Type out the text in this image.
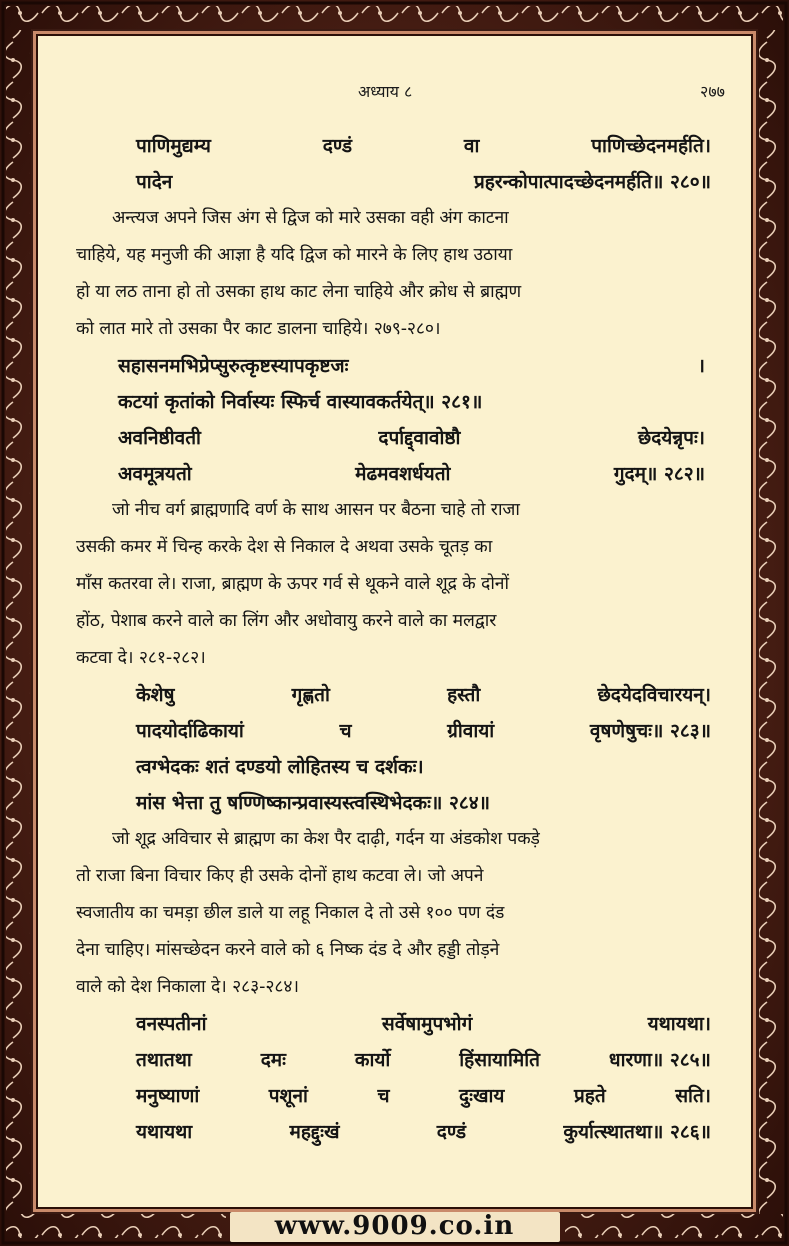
अध्याय ८	२७७
पाणिमुद्यम्य	दण्डं	वा	पाणिच्छेदनमर्हति।
पादेन	प्रहरन्कोपात्पादच्छेदनमर्हति॥ २८०॥
अन्त्यज अपने जिस अंग से द्विज को मारे उसका वही अंग काटना
चाहिये, यह मनुजी की आज्ञा है यदि द्विज को मारने के लिए हाथ उठाया
हो या लठ ताना हो तो उसका हाथ काट लेना चाहिये और क्रोध से ब्राह्मण
को लात मारे तो उसका पैर काट डालना चाहिये। २७९-२८०।
सहासनमभिप्रेप्सुरुत्कृष्टस्यापकृष्टजः	।
कटयां कृतांको निर्वास्यः स्फिर्च वास्यावकर्तयेत्॥ २८१॥
अवनिष्ठीवती	दर्पाद्द्वावोष्ठौ	छेदयेन्नृपः।
अवमूत्रयतो	मेढमवशर्धयतो	गुदम्॥ २८२॥
जो नीच वर्ग ब्राह्मणादि वर्ण के साथ आसन पर बैठना चाहे तो राजा
उसकी कमर में चिन्ह करके देश से निकाल दे अथवा उसके चूतड़ का
माँस कतरवा ले। राजा, ब्राह्मण के ऊपर गर्व से थूकने वाले शूद्र के दोनों
होंठ, पेशाब करने वाले का लिंग और अधोवायु करने वाले का मलद्वार
कटवा दे। २८१-२८२।
केशेषु	गृह्णतो	हस्तौ	छेदयेदविचारयन्।
पादयोर्दाढिकायां	च	ग्रीवायां	वृषणेषुचः॥ २८३॥
त्वग्भेदकः शतं दण्डयो लोहितस्य च दर्शकः।
मांस भेत्ता तु षण्णिष्कान्प्रवास्यस्त्वस्थिभेदकः॥ २८४॥
जो शूद्र अविचार से ब्राह्मण का केश पैर दाढ़ी, गर्दन या अंडकोश पकड़े
तो राजा बिना विचार किए ही उसके दोनों हाथ कटवा ले। जो अपने
स्वजातीय का चमड़ा छील डाले या लहू निकाल दे तो उसे १०० पण दंड
देना चाहिए। मांसच्छेदन करने वाले को ६ निष्क दंड दे और हड्डी तोड़ने
वाले को देश निकाला दे। २८३-२८४।
वनस्पतीनां	सर्वेषामुपभोगं	यथायथा।
तथातथा	दमः	कार्यो	हिंसायामिति	धारणा॥ २८५॥
मनुष्याणां	पशूनां	च	दुःखाय	प्रहते	सति।
यथायथा	महद्दुःखं	दण्डं	कुर्यात्स्थातथा॥ २८६॥
www.9009.co.in
